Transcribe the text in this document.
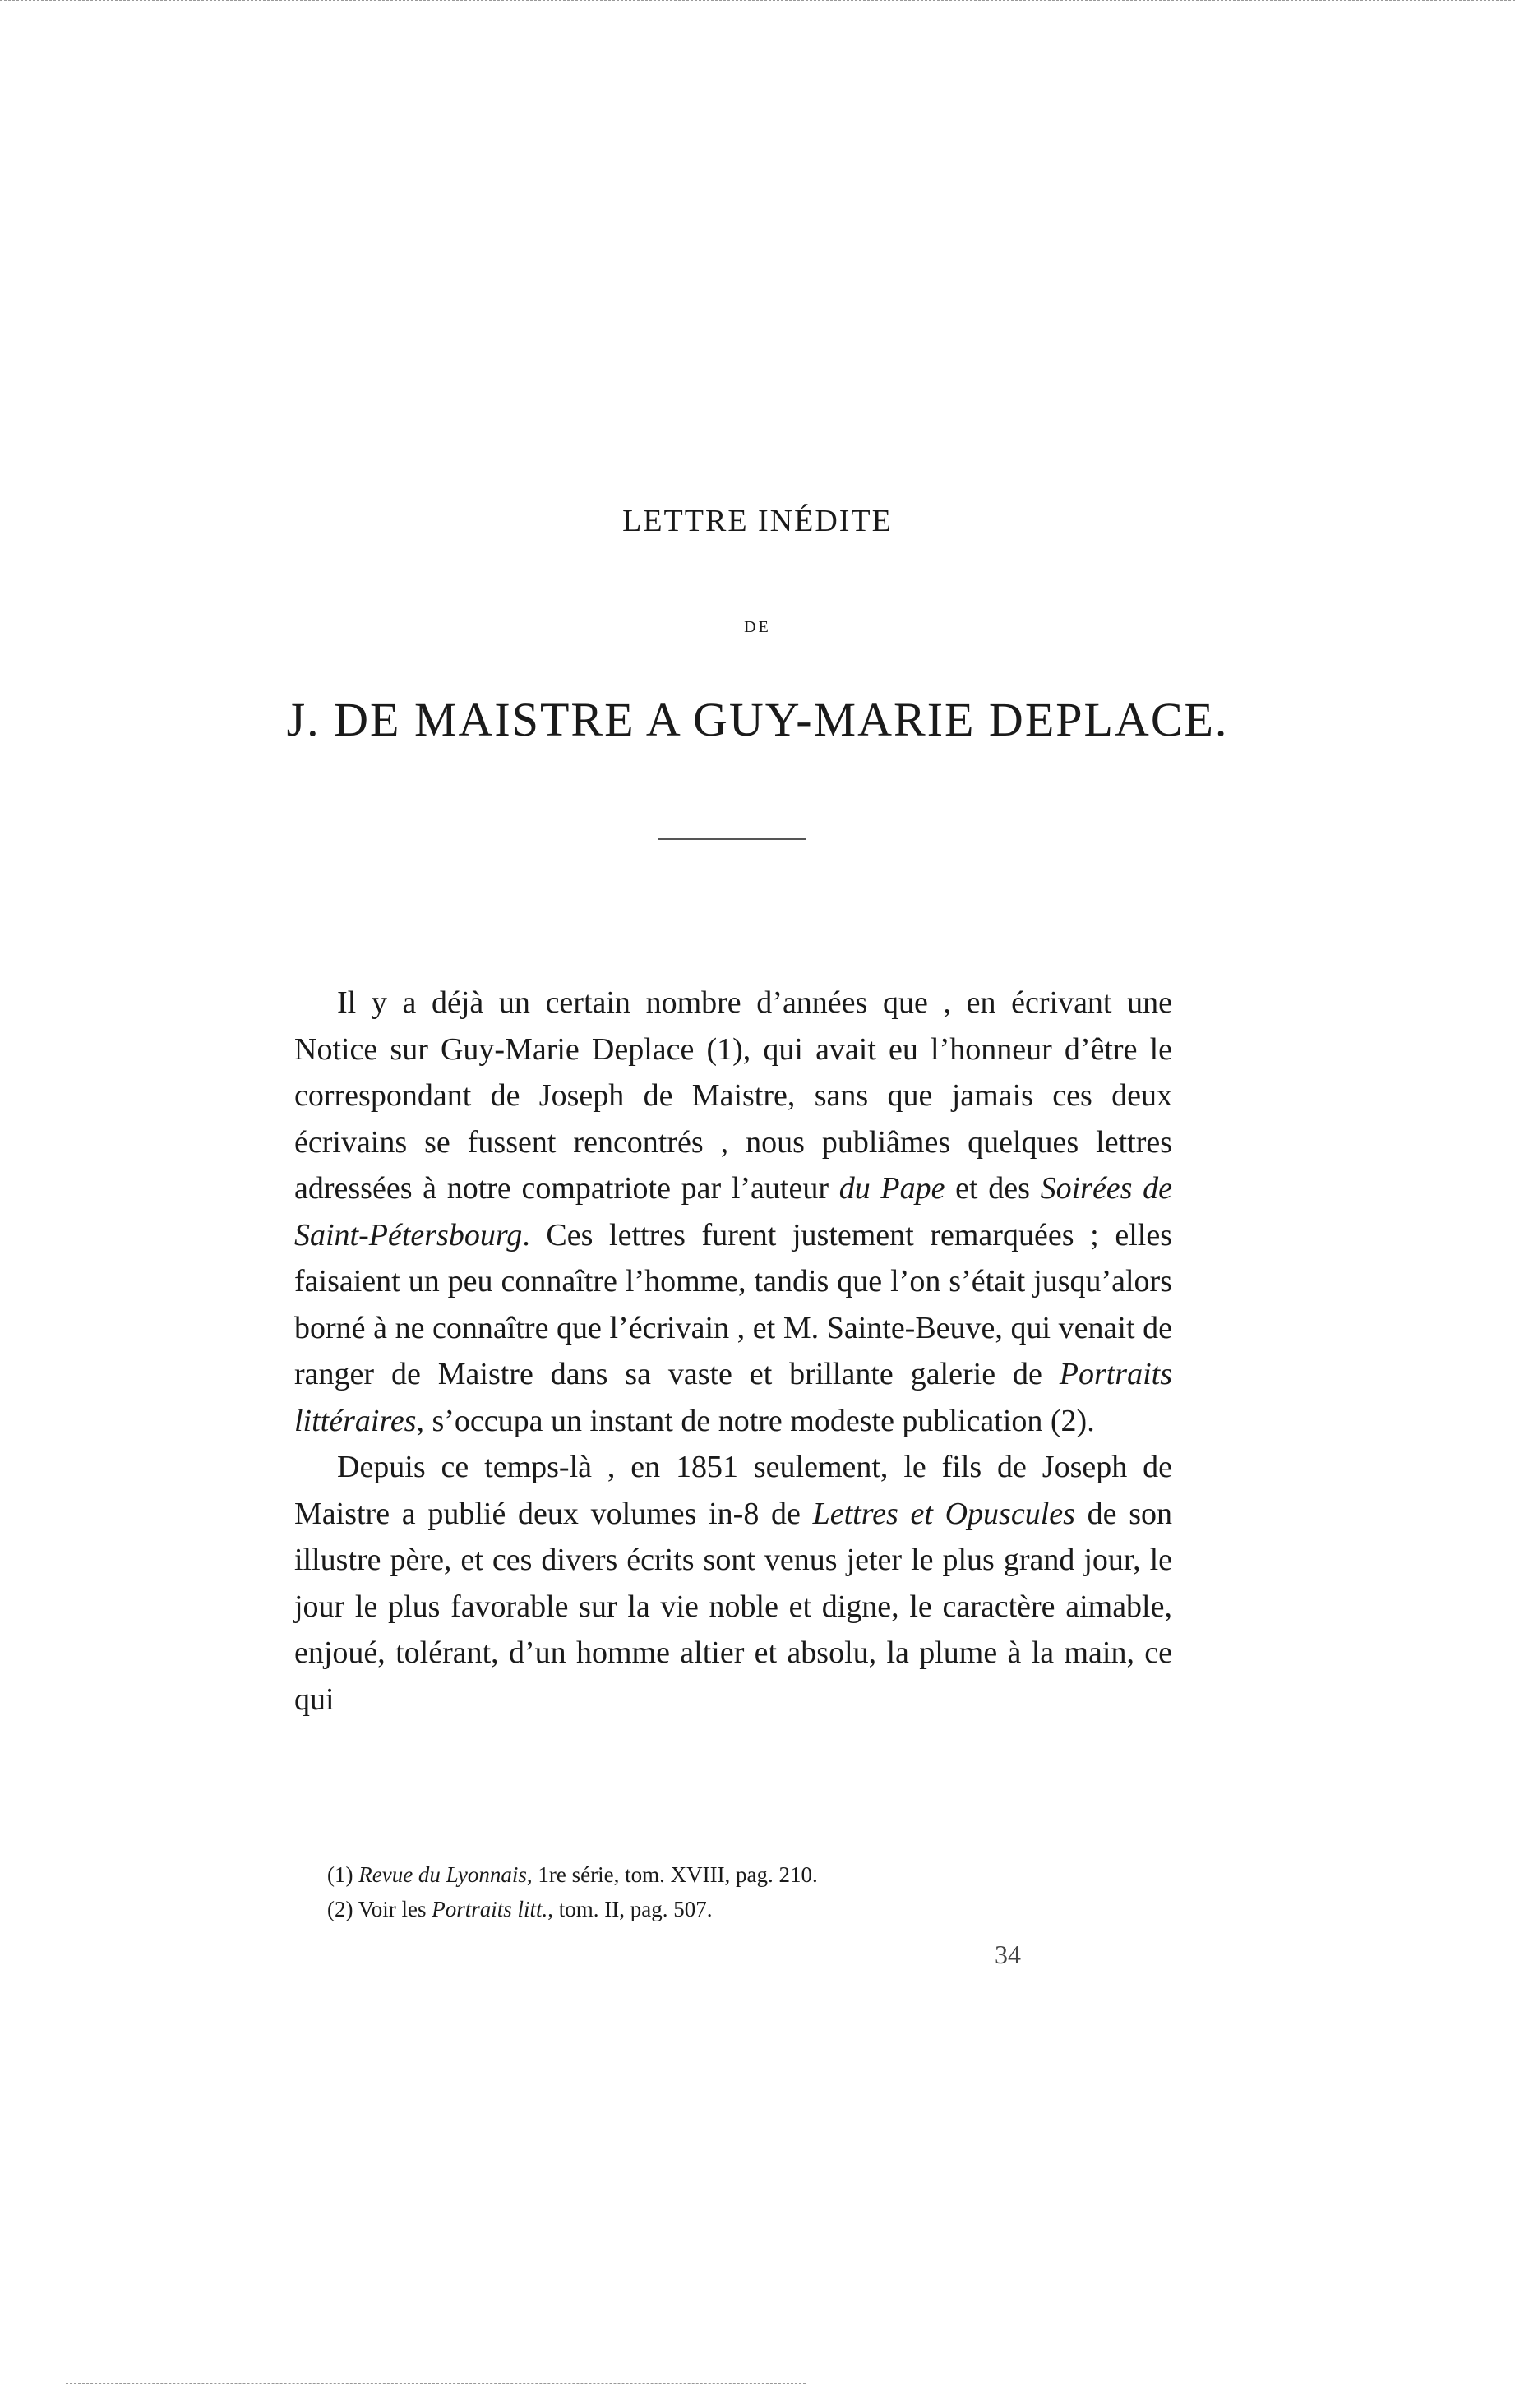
LETTRE INÉDITE
DE
J. DE MAISTRE A GUY-MARIE DEPLACE.

Il y a déjà un certain nombre d’années que , en écrivant une Notice sur Guy-Marie Deplace (1), qui avait eu l’honneur d’être le correspondant de Joseph de Maistre, sans que jamais ces deux écrivains se fussent rencontrés , nous publiâmes quelques lettres adressées à notre compatriote par l’auteur du Pape et des Soirées de Saint-Pétersbourg. Ces lettres furent justement remarquées ; elles faisaient un peu connaître l’homme, tandis que l’on s’était jusqu’alors borné à ne connaître que l’écrivain , et M. Sainte-Beuve, qui venait de ranger de Maistre dans sa vaste et brillante galerie de Portraits littéraires, s’occupa un instant de notre modeste publication (2).

Depuis ce temps-là , en 1851 seulement, le fils de Joseph de Maistre a publié deux volumes in-8 de Lettres et Opuscules de son illustre père, et ces divers écrits sont venus jeter le plus grand jour, le jour le plus favorable sur la vie noble et digne, le caractère aimable, enjoué, tolérant, d’un homme altier et absolu, la plume à la main, ce qui

(1) Revue du Lyonnais, 1re série, tom. XVIII, pag. 210.

(2) Voir les Portraits litt., tom. II, pag. 507.

34
